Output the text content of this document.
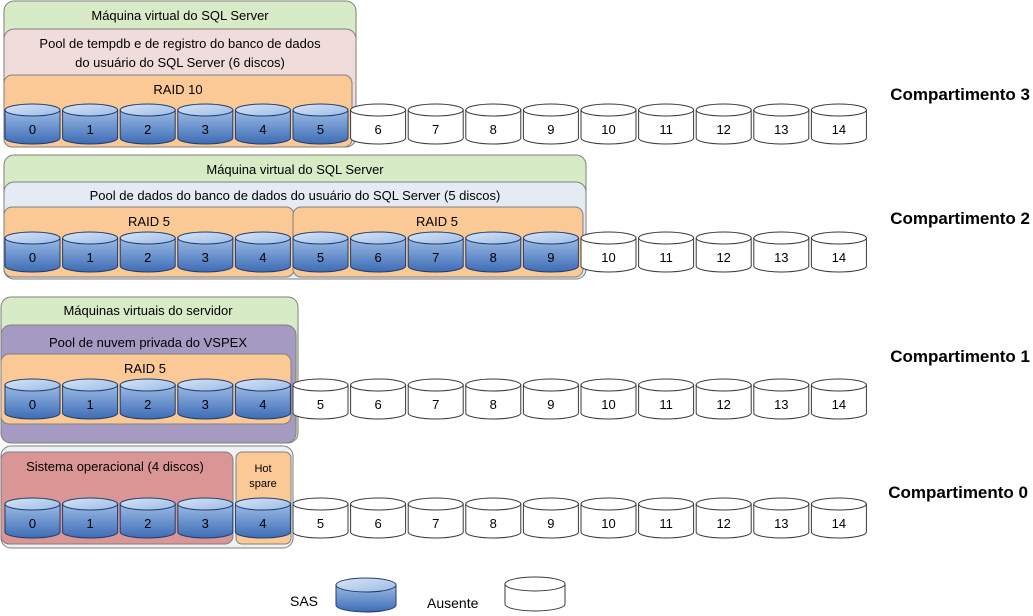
Máquina virtual do SQL Server
Pool de tempdb e de registro do banco de dados
do usuário do SQL Server (6 discos)
RAID 10
0	1	2	3	4	5	6	7	8	9	10	11	12	13	14
Compartimento 3
Máquina virtual do SQL Server
Pool de dados do banco de dados do usuário do SQL Server (5 discos)
RAID 5	RAID 5
0	1	2	3	4	5	6	7	8	9	10	11	12	13	14
Compartimento 2
Máquinas virtuais do servidor
Pool de nuvem privada do VSPEX
RAID 5
0	1	2	3	4	5	6	7	8	9	10	11	12	13	14
Compartimento 1
Sistema operacional (4 discos)	Hot
spare
0	1	2	3	4	5	6	7	8	9	10	11	12	13	14
Compartimento 0
SAS	Ausente
